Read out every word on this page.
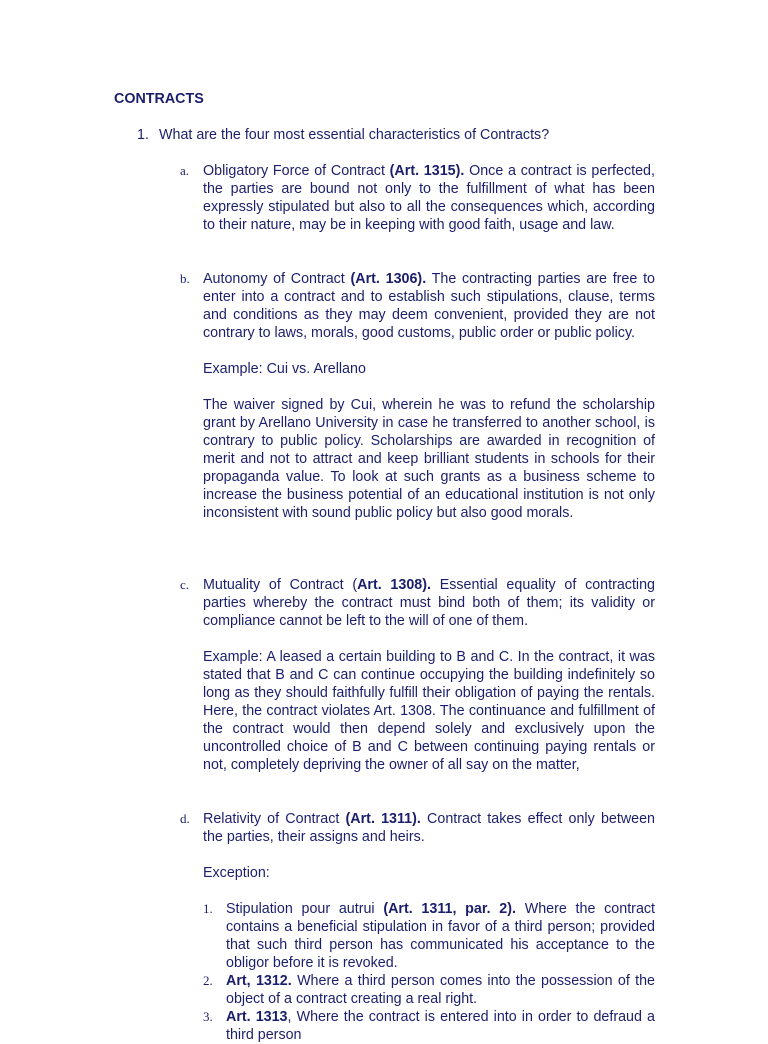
CONTRACTS
1. What are the four most essential characteristics of Contracts?
a. Obligatory Force of Contract (Art. 1315). Once a contract is perfected, the parties are bound not only to the fulfillment of what has been expressly stipulated but also to all the consequences which, according to their nature, may be in keeping with good faith, usage and law.

b. Autonomy of Contract (Art. 1306). The contracting parties are free to enter into a contract and to establish such stipulations, clause, terms and conditions as they may deem convenient, provided they are not contrary to laws, morals, good customs, public order or public policy.

Example: Cui vs. Arellano

The waiver signed by Cui, wherein he was to refund the scholarship grant by Arellano University in case he transferred to another school, is contrary to public policy. Scholarships are awarded in recognition of merit and not to attract and keep brilliant students in schools for their propaganda value. To look at such grants as a business scheme to increase the business potential of an educational institution is not only inconsistent with sound public policy but also good morals.

c. Mutuality of Contract (Art. 1308). Essential equality of contracting parties whereby the contract must bind both of them; its validity or compliance cannot be left to the will of one of them.

Example: A leased a certain building to B and C. In the contract, it was stated that B and C can continue occupying the building indefinitely so long as they should faithfully fulfill their obligation of paying the rentals. Here, the contract violates Art. 1308. The continuance and fulfillment of the contract would then depend solely and exclusively upon the uncontrolled choice of B and C between continuing paying rentals or not, completely depriving the owner of all say on the matter,

d. Relativity of Contract (Art. 1311). Contract takes effect only between the parties, their assigns and heirs.

Exception:

1. Stipulation pour autrui (Art. 1311, par. 2). Where the contract contains a beneficial stipulation in favor of a third person; provided that such third person has communicated his acceptance to the obligor before it is revoked.
2. Art, 1312. Where a third person comes into the possession of the object of a contract creating a real right.
3. Art. 1313, Where the contract is entered into in order to defraud a third person
